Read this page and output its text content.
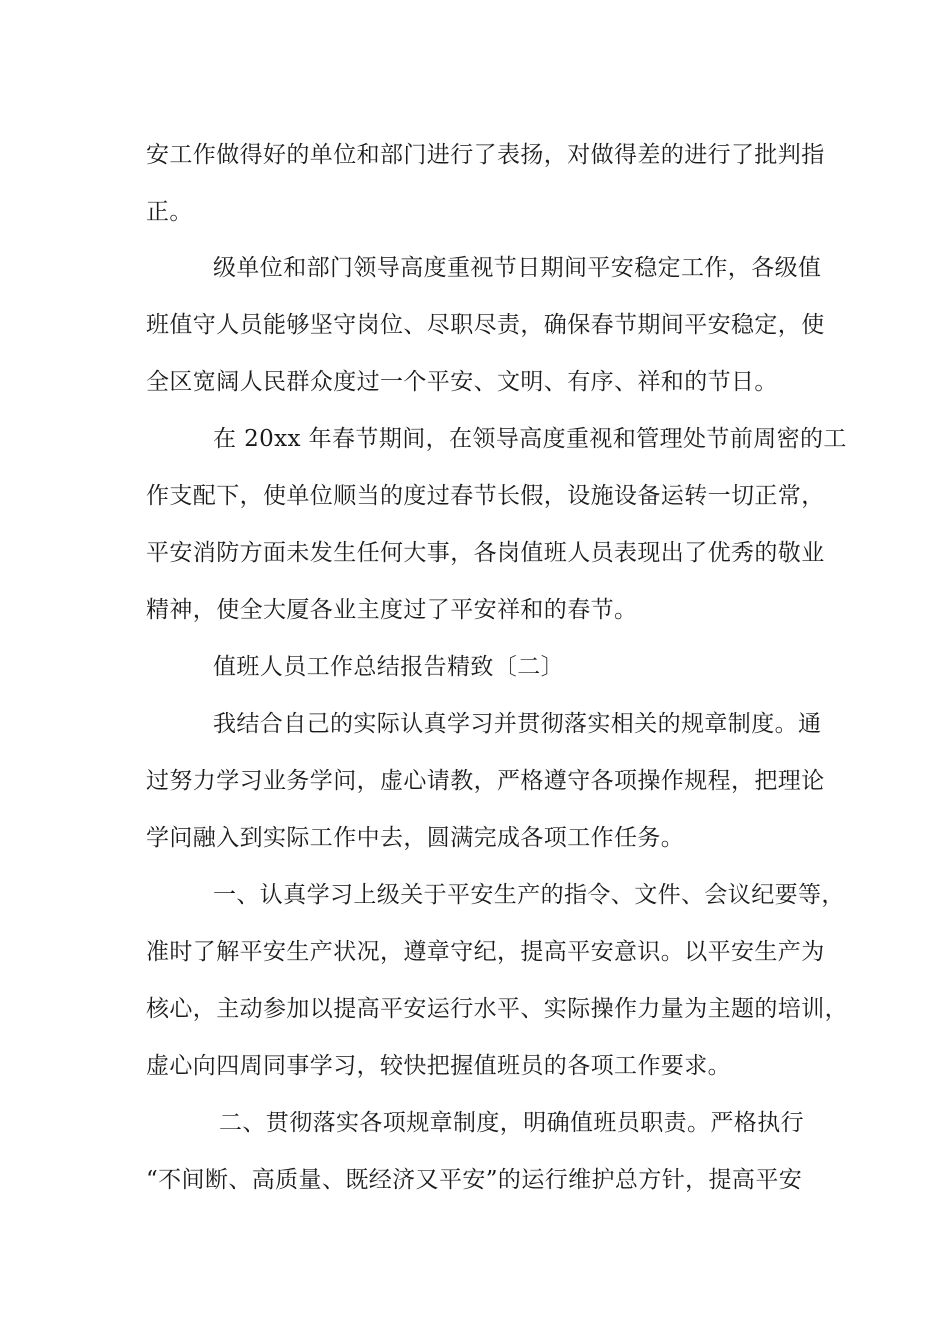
安工作做得好的单位和部门进行了表扬，对做得差的进行了批判指
正。
级单位和部门领导高度重视节日期间平安稳定工作，各级值
班值守人员能够坚守岗位、尽职尽责，确保春节期间平安稳定，使
全区宽阔人民群众度过一个平安、文明、有序、祥和的节日。
在 20xx 年春节期间，在领导高度重视和管理处节前周密的工
作支配下，使单位顺当的度过春节长假，设施设备运转一切正常，
平安消防方面未发生任何大事，各岗值班人员表现出了优秀的敬业
精神，使全大厦各业主度过了平安祥和的春节。
值班人员工作总结报告精致〔二〕
我结合自己的实际认真学习并贯彻落实相关的规章制度。通
过努力学习业务学问，虚心请教，严格遵守各项操作规程，把理论
学问融入到实际工作中去，圆满完成各项工作任务。
一、认真学习上级关于平安生产的指令、文件、会议纪要等，
准时了解平安生产状况，遵章守纪，提高平安意识。以平安生产为
核心，主动参加以提高平安运行水平、实际操作力量为主题的培训，
虚心向四周同事学习，较快把握值班员的各项工作要求。
二、贯彻落实各项规章制度，明确值班员职责。严格执行
“不间断、高质量、既经济又平安”的运行维护总方针，提高平安
